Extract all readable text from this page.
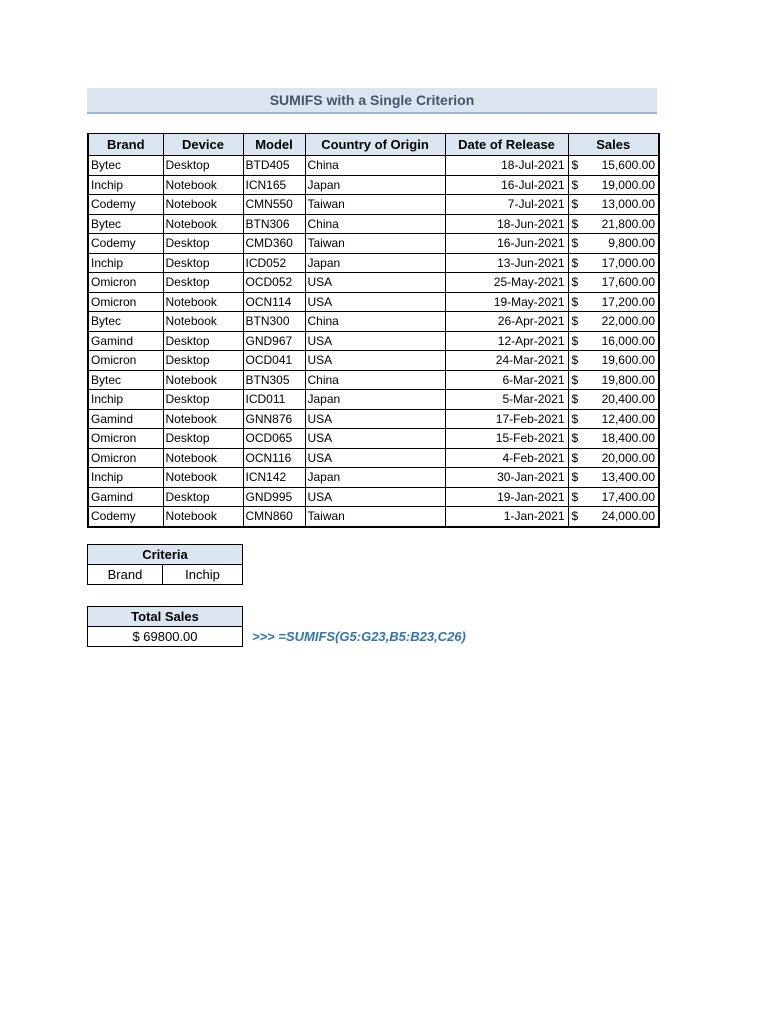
SUMIFS with a Single Criterion
Brand	Device	Model	Country of Origin	Date of Release	Sales	
Bytec	Desktop	BTD405	China	18-Jul-2021	$	15,600.00
Inchip	Notebook	ICN165	Japan	16-Jul-2021	$	19,000.00
Codemy	Notebook	CMN550	Taiwan	7-Jul-2021	$	13,000.00
Bytec	Notebook	BTN306	China	18-Jun-2021	$	21,800.00
Codemy	Desktop	CMD360	Taiwan	16-Jun-2021	$	9,800.00
Inchip	Desktop	ICD052	Japan	13-Jun-2021	$	17,000.00
Omicron	Desktop	OCD052	USA	25-May-2021	$	17,600.00
Omicron	Notebook	OCN114	USA	19-May-2021	$	17,200.00
Bytec	Notebook	BTN300	China	26-Apr-2021	$	22,000.00
Gamind	Desktop	GND967	USA	12-Apr-2021	$	16,000.00
Omicron	Desktop	OCD041	USA	24-Mar-2021	$	19,600.00
Bytec	Notebook	BTN305	China	6-Mar-2021	$	19,800.00
Inchip	Desktop	ICD011	Japan	5-Mar-2021	$	20,400.00
Gamind	Notebook	GNN876	USA	17-Feb-2021	$	12,400.00
Omicron	Desktop	OCD065	USA	15-Feb-2021	$	18,400.00
Omicron	Notebook	OCN116	USA	4-Feb-2021	$	20,000.00
Inchip	Notebook	ICN142	Japan	30-Jan-2021	$	13,400.00
Gamind	Desktop	GND995	USA	19-Jan-2021	$	17,400.00
Codemy	Notebook	CMN860	Taiwan	1-Jan-2021	$	24,000.00
Criteria
Brand	Inchip
Total Sales
$ 69800.00	>>> =SUMIFS(G5:G23,B5:B23,C26)
